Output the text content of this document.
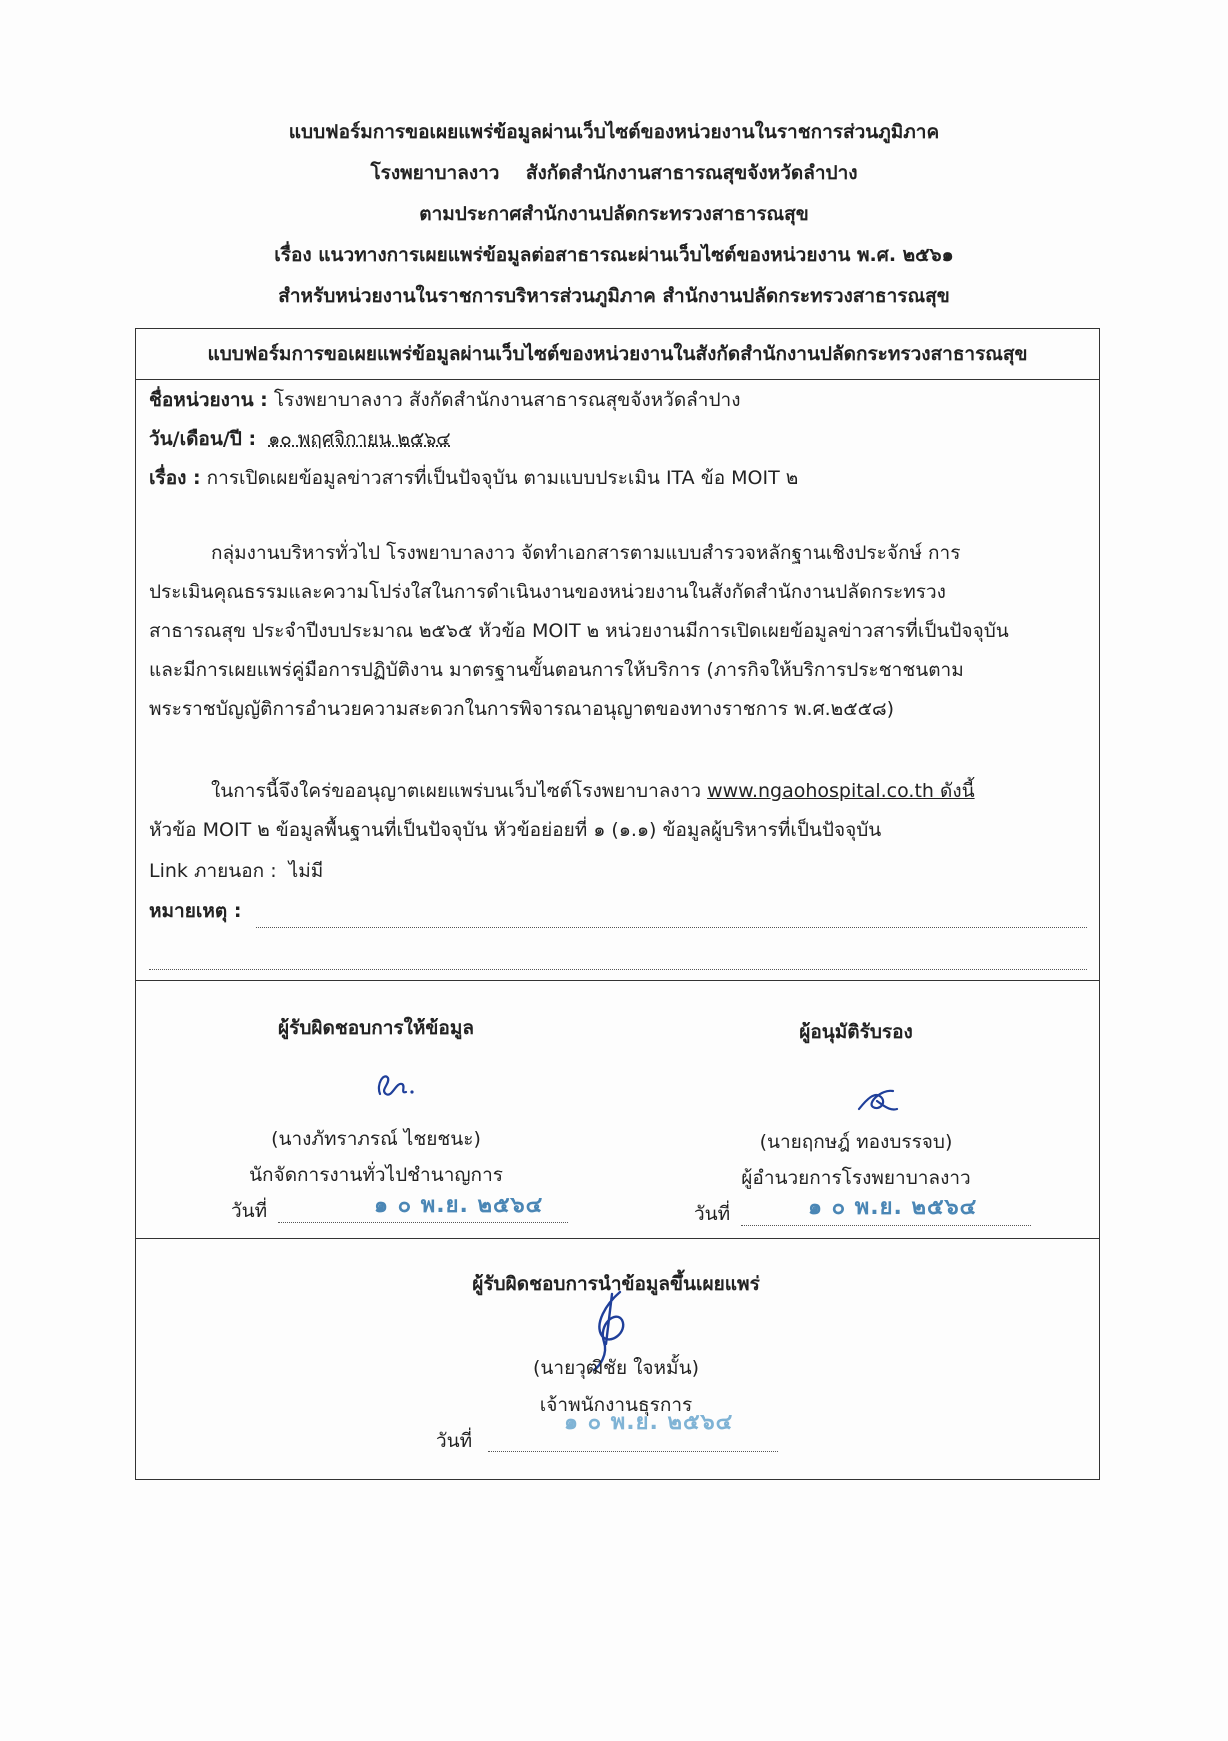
แบบฟอร์มการขอเผยแพร่ข้อมูลผ่านเว็บไซต์ของหน่วยงานในราชการส่วนภูมิภาค
โรงพยาบาลงาว    สังกัดสำนักงานสาธารณสุขจังหวัดลำปาง
ตามประกาศสำนักงานปลัดกระทรวงสาธารณสุข
เรื่อง แนวทางการเผยแพร่ข้อมูลต่อสาธารณะผ่านเว็บไซต์ของหน่วยงาน พ.ศ. ๒๕๖๑
สำหรับหน่วยงานในราชการบริหารส่วนภูมิภาค สำนักงานปลัดกระทรวงสาธารณสุข
แบบฟอร์มการขอเผยแพร่ข้อมูลผ่านเว็บไซต์ของหน่วยงานในสังกัดสำนักงานปลัดกระทรวงสาธารณสุข
ชื่อหน่วยงาน : โรงพยาบาลงาว สังกัดสำนักงานสาธารณสุขจังหวัดลำปาง
วัน/เดือน/ปี : ๑๐ พฤศจิกายน ๒๕๖๔
เรื่อง : การเปิดเผยข้อมูลข่าวสารที่เป็นปัจจุบัน ตามแบบประเมิน ITA ข้อ MOIT ๒
กลุ่มงานบริหารทั่วไป โรงพยาบาลงาว จัดทำเอกสารตามแบบสำรวจหลักฐานเชิงประจักษ์ การ
ประเมินคุณธรรมและความโปร่งใสในการดำเนินงานของหน่วยงานในสังกัดสำนักงานปลัดกระทรวง
สาธารณสุข ประจำปีงบประมาณ ๒๕๖๕ หัวข้อ MOIT ๒ หน่วยงานมีการเปิดเผยข้อมูลข่าวสารที่เป็นปัจจุบัน
และมีการเผยแพร่คู่มือการปฏิบัติงาน มาตรฐานขั้นตอนการให้บริการ (ภารกิจให้บริการประชาชนตาม
พระราชบัญญัติการอำนวยความสะดวกในการพิจารณาอนุญาตของทางราชการ พ.ศ.๒๕๕๘)
ในการนี้จึงใคร่ขออนุญาตเผยแพร่บนเว็บไซต์โรงพยาบาลงาว www.ngaohospital.co.th ดังนี้
หัวข้อ MOIT ๒ ข้อมูลพื้นฐานที่เป็นปัจจุบัน หัวข้อย่อยที่ ๑ (๑.๑) ข้อมูลผู้บริหารที่เป็นปัจจุบัน
Link ภายนอก : ไม่มี
หมายเหตุ :
ผู้รับผิดชอบการให้ข้อมูล
(นางภัทราภรณ์ ไชยชนะ)
นักจัดการงานทั่วไปชำนาญการ
วันที่	๑ ๐ พ.ย. ๒๕๖๔
ผู้อนุมัติรับรอง
(นายฤกษฎ์ ทองบรรจบ)
ผู้อำนวยการโรงพยาบาลงาว
วันที่	๑ ๐ พ.ย. ๒๕๖๔
ผู้รับผิดชอบการนำข้อมูลขึ้นเผยแพร่
(นายวุฒิชัย ใจหมั้น)
เจ้าพนักงานธุรการ
วันที่
๑ ๐ พ.ย. ๒๕๖๔
